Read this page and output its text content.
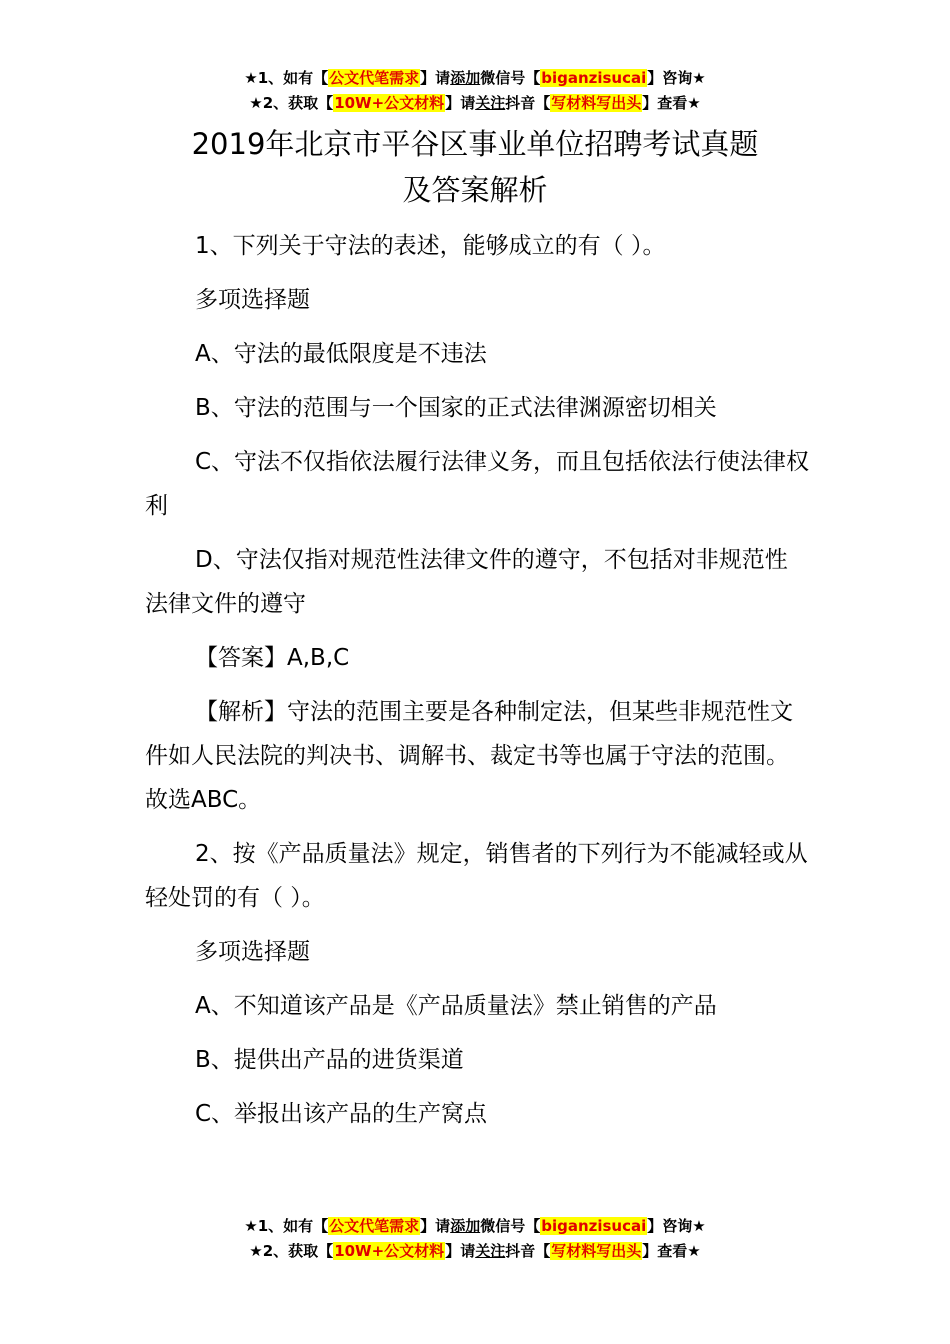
★1、如有【公文代笔需求】请添加微信号【biganzisucai】咨询★
★2、获取【10W+公文材料】请关注抖音【写材料写出头】查看★
2019年北京市平谷区事业单位招聘考试真题
及答案解析

1、下列关于守法的表述，能够成立的有（ ）。

多项选择题

A、守法的最低限度是不违法

B、守法的范围与一个国家的正式法律渊源密切相关

C、守法不仅指依法履行法律义务，而且包括依法行使法律权利

D、守法仅指对规范性法律文件的遵守，不包括对非规范性法律文件的遵守

【答案】A,B,C

【解析】守法的范围主要是各种制定法，但某些非规范性文件如人民法院的判决书、调解书、裁定书等也属于守法的范围。故选ABC。

2、按《产品质量法》规定，销售者的下列行为不能减轻或从轻处罚的有（ ）。

多项选择题

A、不知道该产品是《产品质量法》禁止销售的产品

B、提供出产品的进货渠道

C、举报出该产品的生产窝点

★1、如有【公文代笔需求】请添加微信号【biganzisucai】咨询★
★2、获取【10W+公文材料】请关注抖音【写材料写出头】查看★
